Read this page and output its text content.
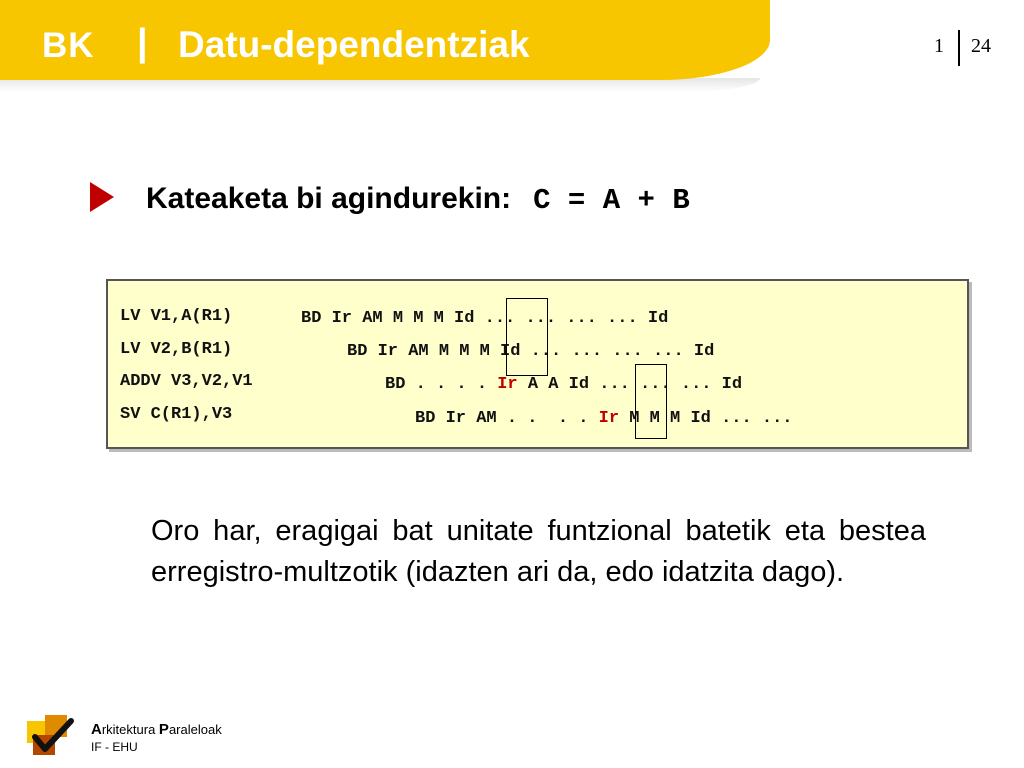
BK | Datu-dependentziak	1 24
Kateaketa bi agindurekin: C = A + B
LV V1,A(R1)
LV V2,B(R1)
ADDV V3,V2,V1
SV C(R1),V3
BD Ir AM M M M Id ... ... ... ... Id
BD Ir AM M M M Id ... ... ... ... Id
BD . . . . Ir A A Id ... ... ... Id
BD Ir AM . .  . . Ir M M M Id ... ...
Oro har, eragigai bat unitate funtzional batetik eta bestea erregistro-multzotik (idazten ari da, edo idatzita dago).
Arkitektura Paraleloak
IF - EHU
